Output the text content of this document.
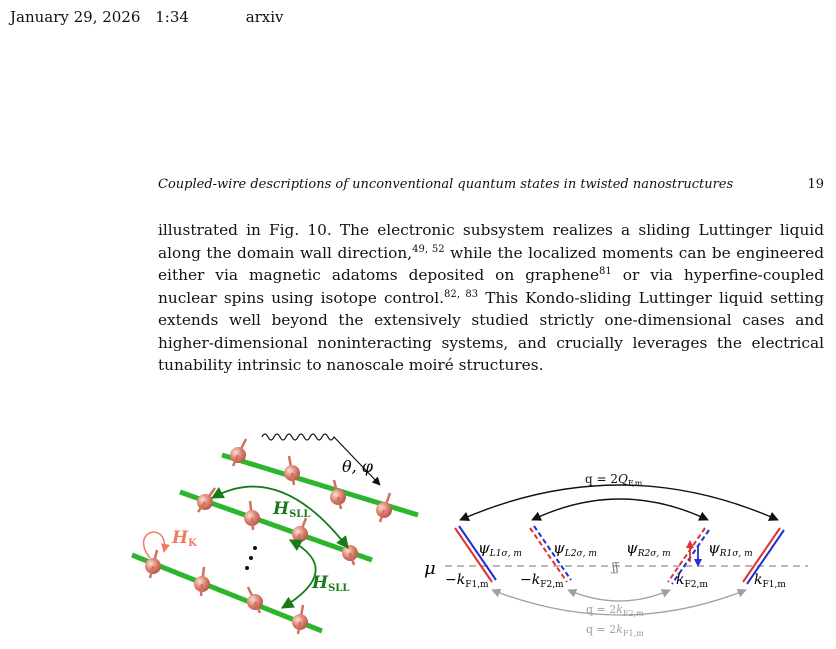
January 29, 2026 1:34	arxiv
Coupled-wire descriptions of unconventional quantum states in twisted nanostructures	19
illustrated in Fig. 10. The electronic subsystem realizes a sliding Luttinger liquid along the domain wall direction,$^{49, 52}$ while the localized moments can be engineered either via magnetic adatoms deposited on graphene$^{81}$ or via hyperfine-coupled nuclear spins using isotope control.$^{82, 83}$ This Kondo-sliding Luttinger liquid setting extends well beyond the extensively studied strictly one-dimensional cases and higher-dimensional noninteracting systems, and crucially leverages the electrical tunability intrinsic to nanoscale moiré structures.
θ, φ
HSLL
HSLL
HK
$q = 2Q_{F,m}$
μ	ʃʃ
$\psi_{L1\sigma, m}$ $\psi_{L2\sigma, m}$ $\psi_{R2\sigma, m}$ $\psi_{R1\sigma, m}$
$-k_{F1,m} -k_{F2,m}$	$k_{F2,m}$	$k_{F1,m}$
$q = 2k_{F2,m}$
$q = 2k_{F1,m}$
